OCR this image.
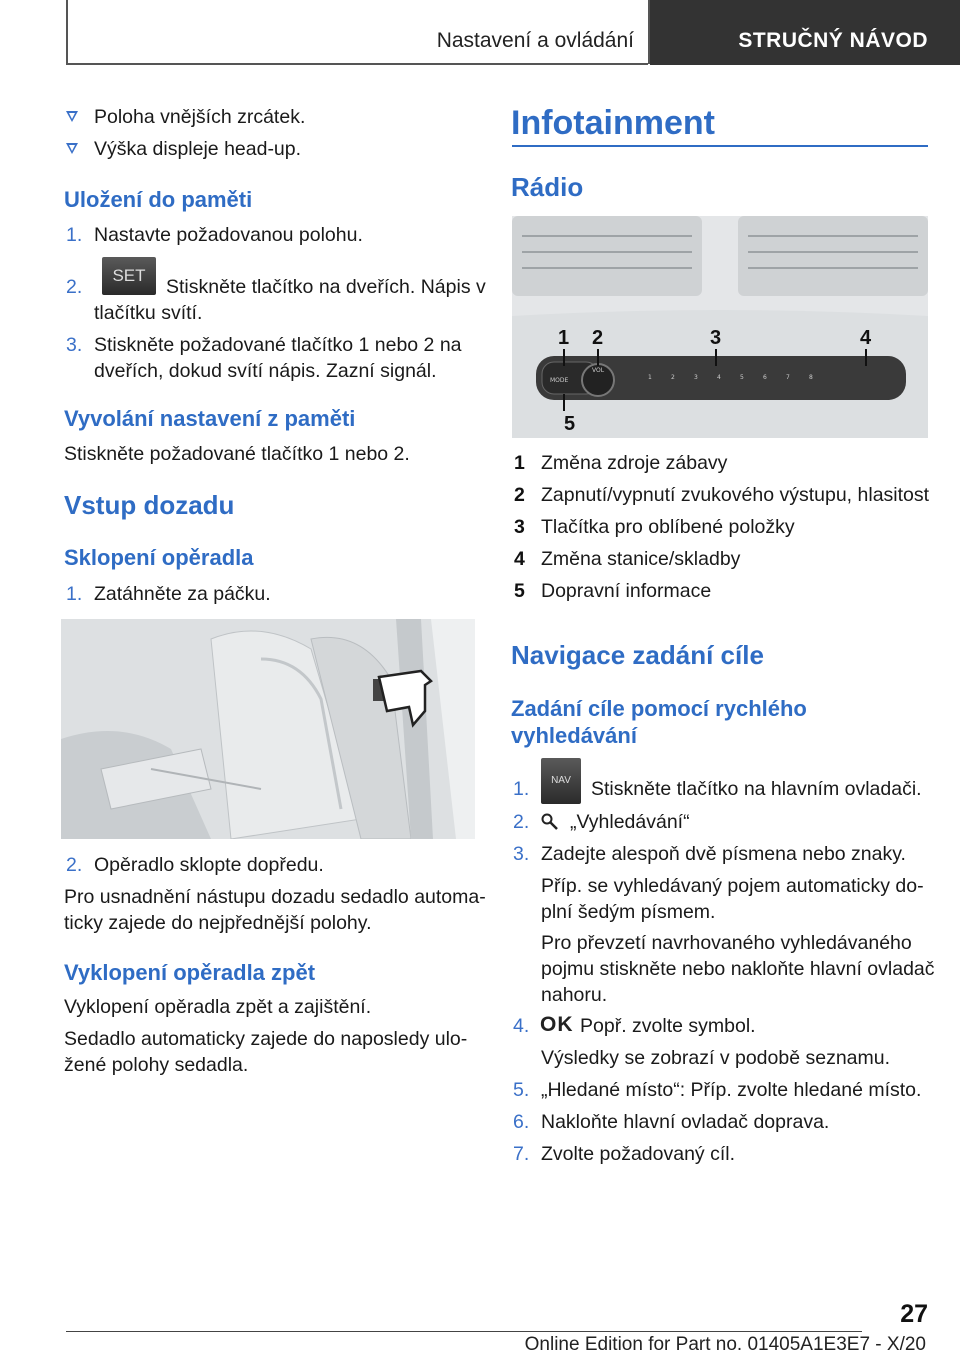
Nastavení a ovládání	STRUČNÝ NÁVOD
Poloha vnějších zrcátek.
Výška displeje head-up.
Uložení do paměti
1. Nastavte požadovanou polohu.
2.
SET
Stiskněte tlačítko na dveřích. Nápis v
tlačítku svítí.
3. Stiskněte požadované tlačítko 1 nebo 2 na
dveřích, dokud svítí nápis. Zazní signál.
Vyvolání nastavení z paměti
Stiskněte požadované tlačítko 1 nebo 2.
Vstup dozadu
Sklopení opěradla
1. Zatáhněte za páčku.
2. Opěradlo sklopte dopředu.
Pro usnadnění nástupu dozadu sedadlo automa-
ticky zajede do nejpřednější polohy.
Vyklopení opěradla zpět
Vyklopení opěradla zpět a zajištění.
Sedadlo automaticky zajede do naposledy ulo-
žené polohy sedadla.
Infotainment
Rádio
MODE
VOL
1	2	3	4	5	6	7	8
1 2	3	4
5
1 Změna zdroje zábavy
2 Zapnutí/vypnutí zvukového výstupu, hlasitost
3 Tlačítka pro oblíbené položky
4 Změna stanice/skladby
5 Dopravní informace
Navigace zadání cíle
Zadání cíle pomocí rychlého
vyhledávání
1.	NAV	Stiskněte tlačítko na hlavním ovladači.
2. „Vyhledávání“
3. Zadejte alespoň dvě písmena nebo znaky.
Příp. se vyhledávaný pojem automaticky do-
plní šedým písmem.
Pro převzetí navrhovaného vyhledávaného
pojmu stiskněte nebo nakloňte hlavní ovladač
nahoru.
4. OK Popř. zvolte symbol.
Výsledky se zobrazí v podobě seznamu.
5. „Hledané místo“: Příp. zvolte hledané místo.
6. Nakloňte hlavní ovladač doprava.
7. Zvolte požadovaný cíl.
27
Online Edition for Part no. 01405A1E3E7 - X/20
